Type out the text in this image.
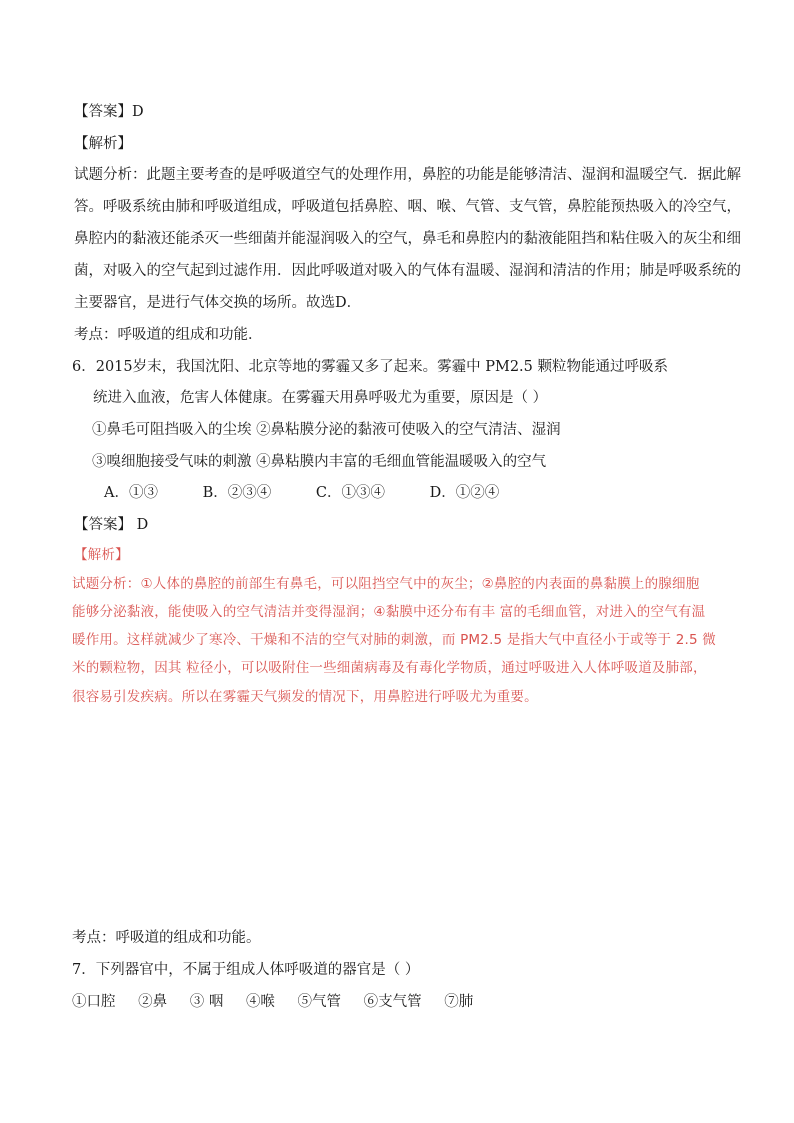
【答案】D
【解析】
试题分析：此题主要考查的是呼吸道空气的处理作用，鼻腔的功能是能够清洁、湿润和温暖空气．据此解
答。呼吸系统由肺和呼吸道组成，呼吸道包括鼻腔、咽、喉、气管、支气管，鼻腔能预热吸入的冷空气，
鼻腔内的黏液还能杀灭一些细菌并能湿润吸入的空气，鼻毛和鼻腔内的黏液能阻挡和粘住吸入的灰尘和细
菌，对吸入的空气起到过滤作用．因此呼吸道对吸入的气体有温暖、湿润和清洁的作用；肺是呼吸系统的
主要器官，是进行气体交换的场所。故选D．
考点：呼吸道的组成和功能．
6．2015岁末，我国沈阳、北京等地的雾霾又多了起来。雾霾中 PM2.5 颗粒物能通过呼吸系
统进入血液，危害人体健康。在雾霾天用鼻呼吸尤为重要，原因是（ ）
①鼻毛可阻挡吸入的尘埃 ②鼻粘膜分泌的黏液可使吸入的空气清洁、湿润
③嗅细胞接受气味的刺激 ④鼻粘膜内丰富的毛细血管能温暖吸入的空气
A．①③	B．②③④	C．①③④	D．①②④
【答案】 D
【解析】
试题分析：①人体的鼻腔的前部生有鼻毛，可以阻挡空气中的灰尘；②鼻腔的内表面的鼻黏膜上的腺细胞
能够分泌黏液，能使吸入的空气清洁并变得湿润；④黏膜中还分布有丰 富的毛细血管，对进入的空气有温
暖作用。这样就减少了寒冷、干燥和不洁的空气对肺的刺激，而 PM2.5 是指大气中直径小于或等于 2.5 微
米的颗粒物，因其 粒径小，可以吸附住一些细菌病毒及有毒化学物质，通过呼吸进入人体呼吸道及肺部，
很容易引发疾病。所以在雾霾天气频发的情况下，用鼻腔进行呼吸尤为重要。
考点：呼吸道的组成和功能。
7．下列器官中，不属于组成人体呼吸道的器官是（ ）
①口腔 ②鼻 ③ 咽 ④喉 ⑤气管 ⑥支气管 ⑦肺
